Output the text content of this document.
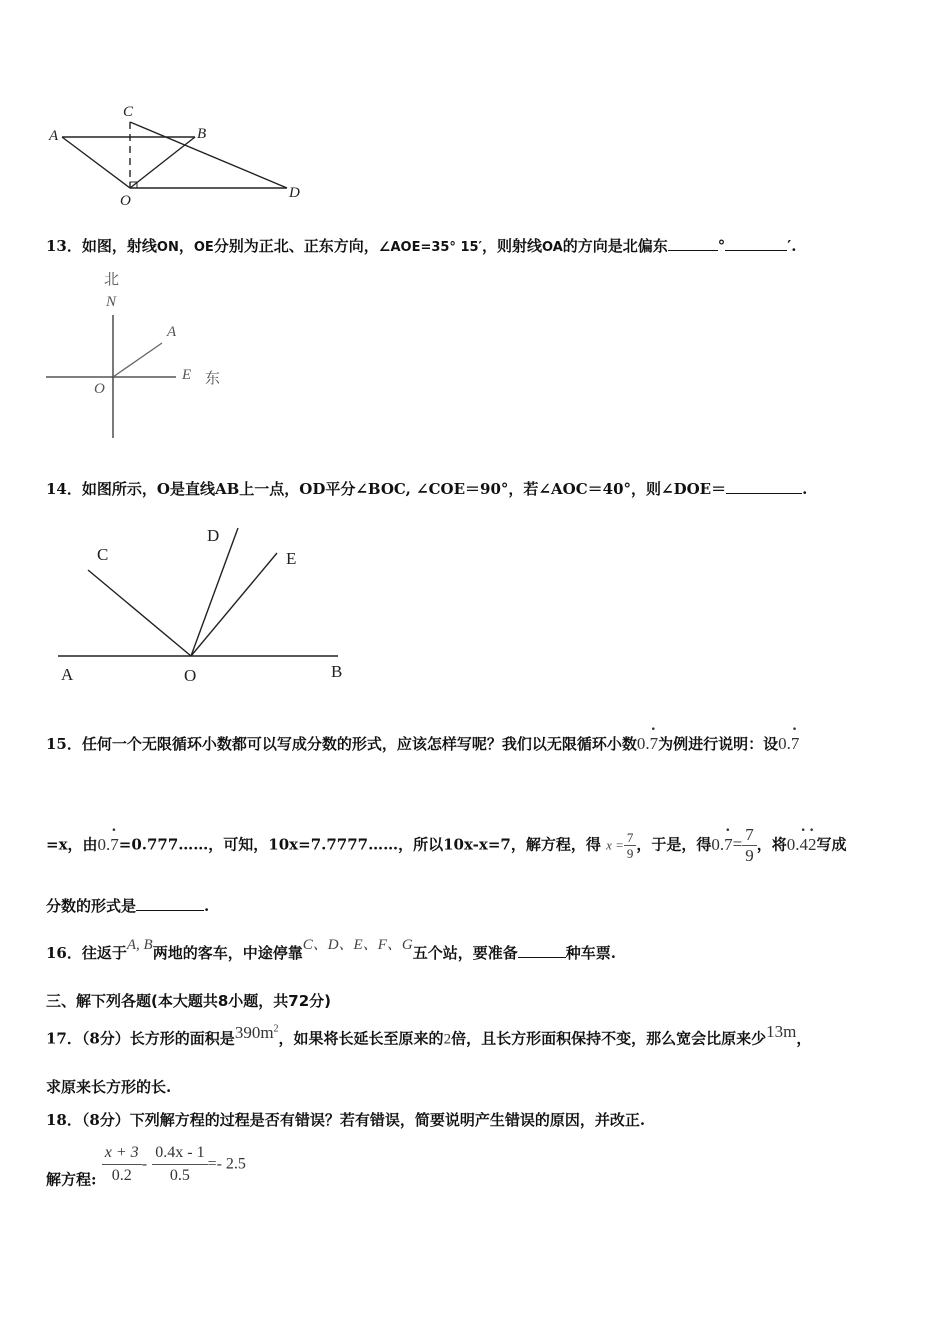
C
A	B
O	D
13．如图，射线ON，OE分别为正北、正东方向，∠AOE=35° 15′，则射线OA的方向是北偏东	°	′.
北
N
A
O
E 东
14．如图所示，O是直线AB上一点，OD平分∠BOC, ∠COE＝90°，若∠AOC＝40°，则∠DOE＝	.
C
D
E
A	O	B
15．任何一个无限循环小数都可以写成分数的形式，应该怎样写呢？我们以无限循环小数0.7
·
为例进行说明：设0.7
·
=x，由0.7
·
=0.777……，可知，10x=7.7777……，所以10x-x=7，解方程，得 $x = \frac{7}{9}$ ，于是，得0.7
·
= $\frac{7}{9}$ ，将0.4
·
2
·
写成
分数的形式是	.
16．往返于A, B两地的客车，中途停靠C、D、E、F、G五个站，要准备	种车票.
三、解下列各题(本大题共8小题，共72分)
17．（8分）长方形的面积是$390m^2$，如果将长延长至原来的2倍，且长方形面积保持不变，那么宽会比原来少13m，
求原来长方形的长.
18．（8分）下列解方程的过程是否有错误？若有错误，简要说明产生错误的原因，并改正.
解方程: $\frac{x + 3}{0.2} - \frac{0.4x - 1}{0.5} =- 2.5$
